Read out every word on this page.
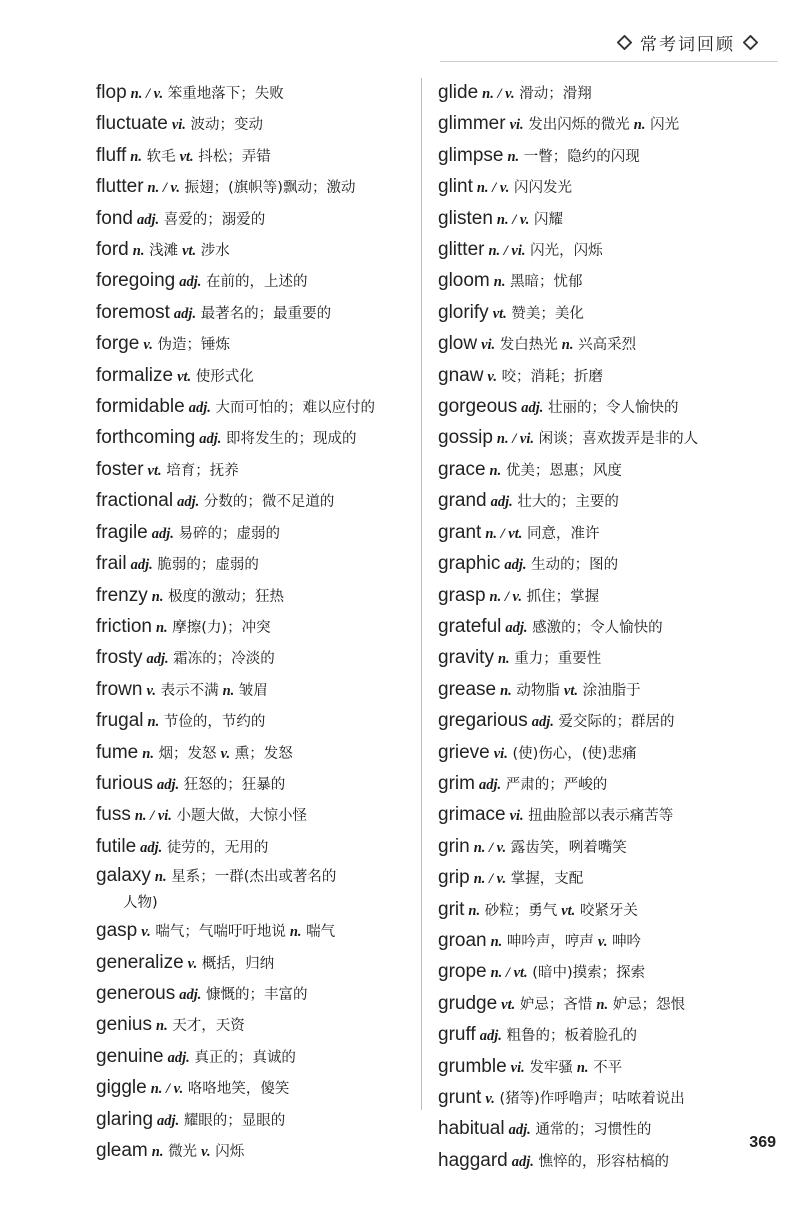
常考词回顾
flop n. / v. 笨重地落下；失败
fluctuate vi. 波动；变动
fluff n. 软毛 vt. 抖松；弄错
flutter n. / v. 振翅；(旗帜等)飘动；激动
fond adj. 喜爱的；溺爱的
ford n. 浅滩 vt. 涉水
foregoing adj. 在前的，上述的
foremost adj. 最著名的；最重要的
forge v. 伪造；锤炼
formalize vt. 使形式化
formidable adj. 大而可怕的；难以应付的
forthcoming adj. 即将发生的；现成的
foster vt. 培育；抚养
fractional adj. 分数的；微不足道的
fragile adj. 易碎的；虚弱的
frail adj. 脆弱的；虚弱的
frenzy n. 极度的激动；狂热
friction n. 摩擦(力)；冲突
frosty adj. 霜冻的；冷淡的
frown v. 表示不满 n. 皱眉
frugal n. 节俭的，节约的
fume n. 烟；发怒 v. 熏；发怒
furious adj. 狂怒的；狂暴的
fuss n. / vi. 小题大做，大惊小怪
futile adj. 徒劳的，无用的
galaxy n. 星系；一群(杰出或著名的
人物)
gasp v. 喘气；气喘吁吁地说 n. 喘气
generalize v. 概括，归纳
generous adj. 慷慨的；丰富的
genius n. 天才，天资
genuine adj. 真正的；真诚的
giggle n. / v. 咯咯地笑，傻笑
glaring adj. 耀眼的；显眼的
gleam n. 微光 v. 闪烁
glide n. / v. 滑动；滑翔
glimmer vi. 发出闪烁的微光 n. 闪光
glimpse n. 一瞥；隐约的闪现
glint n. / v. 闪闪发光
glisten n. / v. 闪耀
glitter n. / vi. 闪光，闪烁
gloom n. 黑暗；忧郁
glorify vt. 赞美；美化
glow vi. 发白热光 n. 兴高采烈
gnaw v. 咬；消耗；折磨
gorgeous adj. 壮丽的；令人愉快的
gossip n. / vi. 闲谈；喜欢拨弄是非的人
grace n. 优美；恩惠；风度
grand adj. 壮大的；主要的
grant n. / vt. 同意，准许
graphic adj. 生动的；图的
grasp n. / v. 抓住；掌握
grateful adj. 感激的；令人愉快的
gravity n. 重力；重要性
grease n. 动物脂 vt. 涂油脂于
gregarious adj. 爱交际的；群居的
grieve vi. (使)伤心，(使)悲痛
grim adj. 严肃的；严峻的
grimace vi. 扭曲脸部以表示痛苦等
grin n. / v. 露齿笑，咧着嘴笑
grip n. / v. 掌握，支配
grit n. 砂粒；勇气 vt. 咬紧牙关
groan n. 呻吟声，哼声 v. 呻吟
grope n. / vt. (暗中)摸索；探索
grudge vt. 妒忌；吝惜 n. 妒忌；怨恨
gruff adj. 粗鲁的；板着脸孔的
grumble vi. 发牢骚 n. 不平
grunt v. (猪等)作呼噜声；咕哝着说出
habitual adj. 通常的；习惯性的
haggard adj. 憔悴的，形容枯槁的
369
